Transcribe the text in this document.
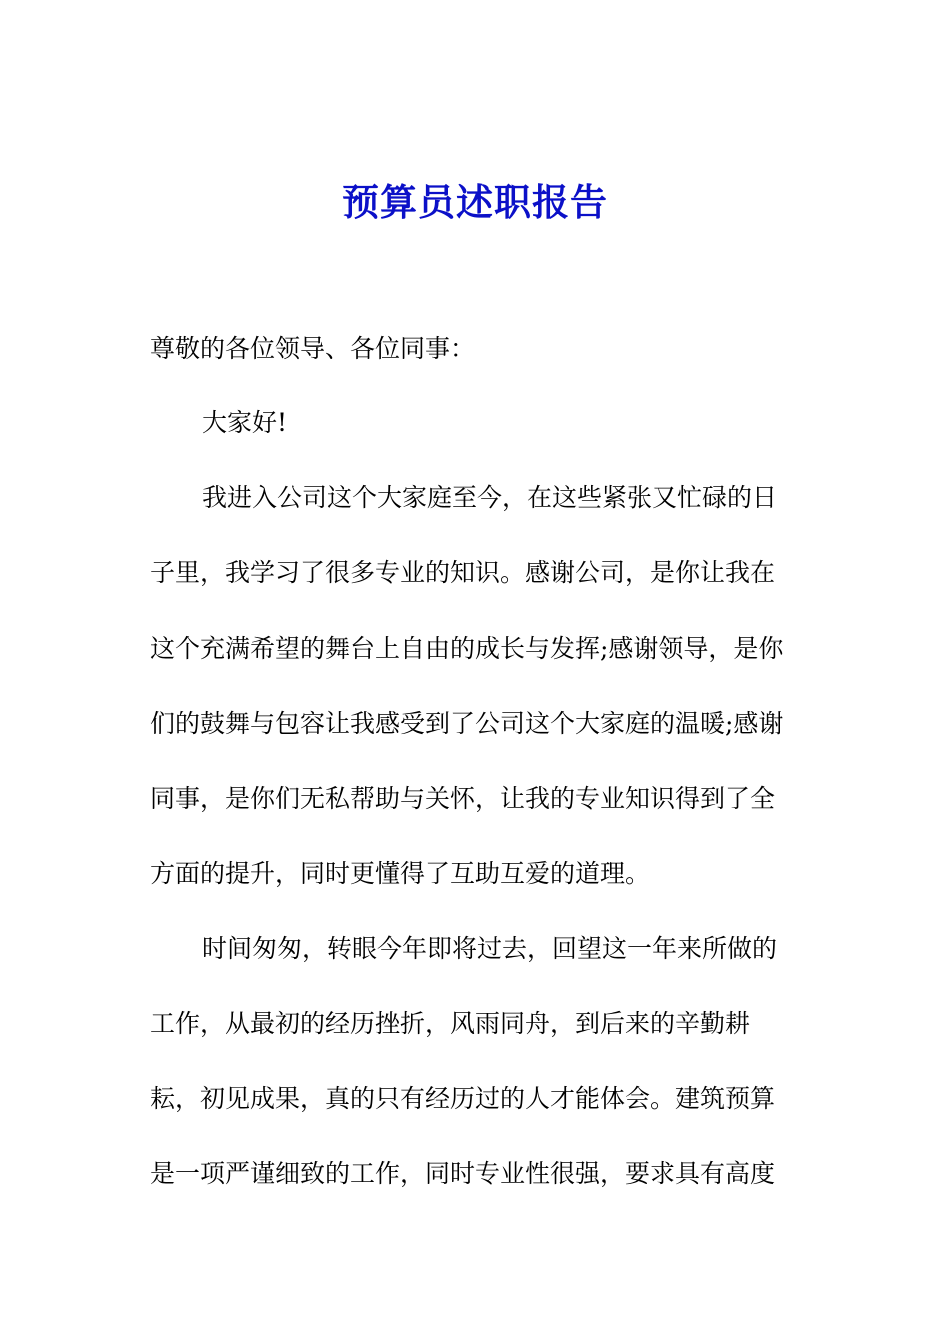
预算员述职报告
尊敬的各位领导、各位同事：
大家好!
我进入公司这个大家庭至今，在这些紧张又忙碌的日
子里，我学习了很多专业的知识。感谢公司，是你让我在
这个充满希望的舞台上自由的成长与发挥;感谢领导，是你
们的鼓舞与包容让我感受到了公司这个大家庭的温暖;感谢
同事，是你们无私帮助与关怀，让我的专业知识得到了全
方面的提升，同时更懂得了互助互爱的道理。
时间匆匆，转眼今年即将过去，回望这一年来所做的
工作，从最初的经历挫折，风雨同舟，到后来的辛勤耕
耘，初见成果，真的只有经历过的人才能体会。建筑预算
是一项严谨细致的工作，同时专业性很强，要求具有高度
